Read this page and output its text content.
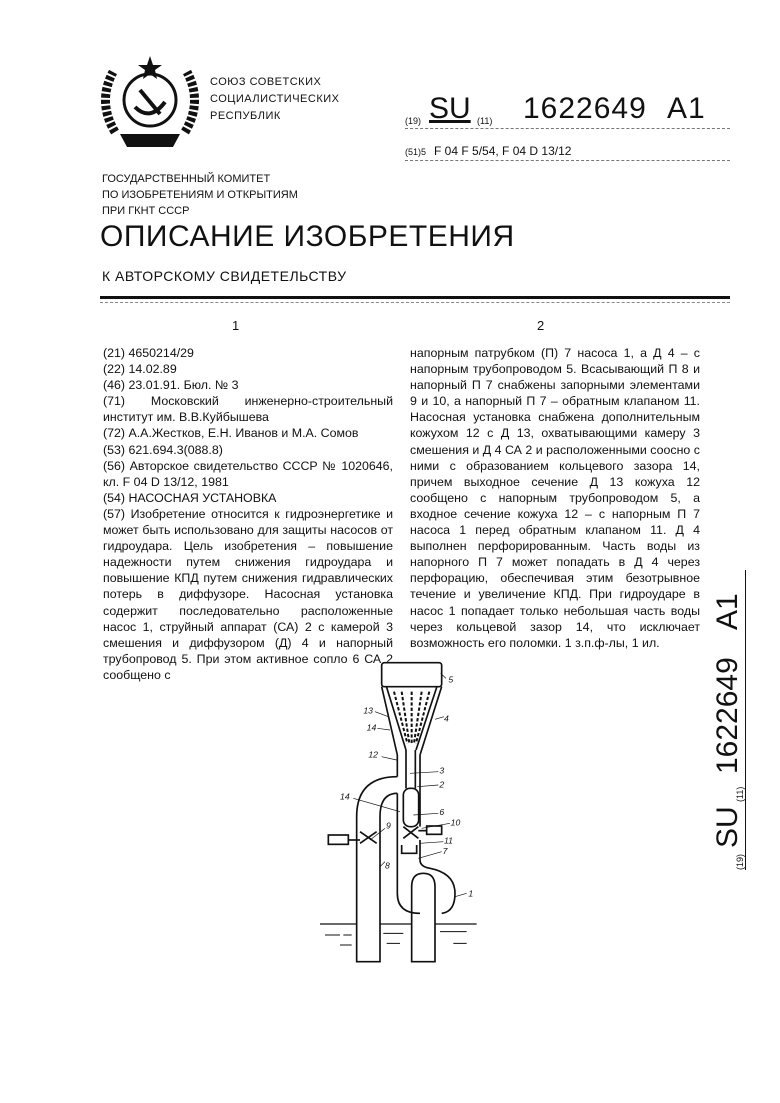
СОЮЗ СОВЕТСКИХ
СОЦИАЛИСТИЧЕСКИХ
РЕСПУБЛИК	(19) SU (11) 1622649 A1
(51)5 F 04 F 5/54, F 04 D 13/12
ГОСУДАРСТВЕННЫЙ КОМИТЕТ
ПО ИЗОБРЕТЕНИЯМ И ОТКРЫТИЯМ
ПРИ ГКНТ СССР
ОПИСАНИЕ ИЗОБРЕТЕНИЯ
К АВТОРСКОМУ СВИДЕТЕЛЬСТВУ
1	2

(21) 4650214/29

(22) 14.02.89

(46) 23.01.91. Бюл. № 3

(71) Московский инженерно-строительный институт им. В.В.Куйбышева

(72) А.А.Жестков, Е.Н. Иванов и М.А. Сомов

(53) 621.694.3(088.8)

(56) Авторское свидетельство СССР № 1020646, кл. F 04 D 13/12, 1981

(54) НАСОСНАЯ УСТАНОВКА

(57) Изобретение относится к гидроэнергетике и может быть использовано для защиты насосов от гидроудара. Цель изобретения – повышение надежности путем снижения гидроудара и повышение КПД путем снижения гидравлических потерь в диффузоре. Насосная установка содержит последовательно расположенные насос 1, струйный аппарат (СА) 2 с камерой 3 смешения и диффузором (Д) 4 и напорный трубопровод 5. При этом активное сопло 6 СА 2 сообщено с

напорным патрубком (П) 7 насоса 1, а Д 4 – с напорным трубопроводом 5. Всасывающий П 8 и напорный П 7 снабжены запорными элементами 9 и 10, а напорный П 7 – обратным клапаном 11. Насосная установка снабжена дополнительным кожухом 12 с Д 13, охватывающими камеру 3 смешения и Д 4 СА 2 и расположенными соосно с ними с образованием кольцевого зазора 14, причем выходное сечение Д 13 кожуха 12 сообщено с напорным трубопроводом 5, а входное сечение кожуха 12 – с напорным П 7 насоса 1 перед обратным клапаном 11. Д 4 выполнен перфорированным. Часть воды из напорного П 7 может попадать в Д 4 через перфорацию, обеспечивая этим безотрывное течение и увеличение КПД. При гидроударе в насос 1 попадает только небольшая часть воды через кольцевой зазор 14, что исключает возможность его поломки. 1 з.п.ф-лы, 1 ил.

(19)
SU
(11)
1622649
A1
5
13
4
14
12
3
2
14
6
9 10
11
7
8
1
